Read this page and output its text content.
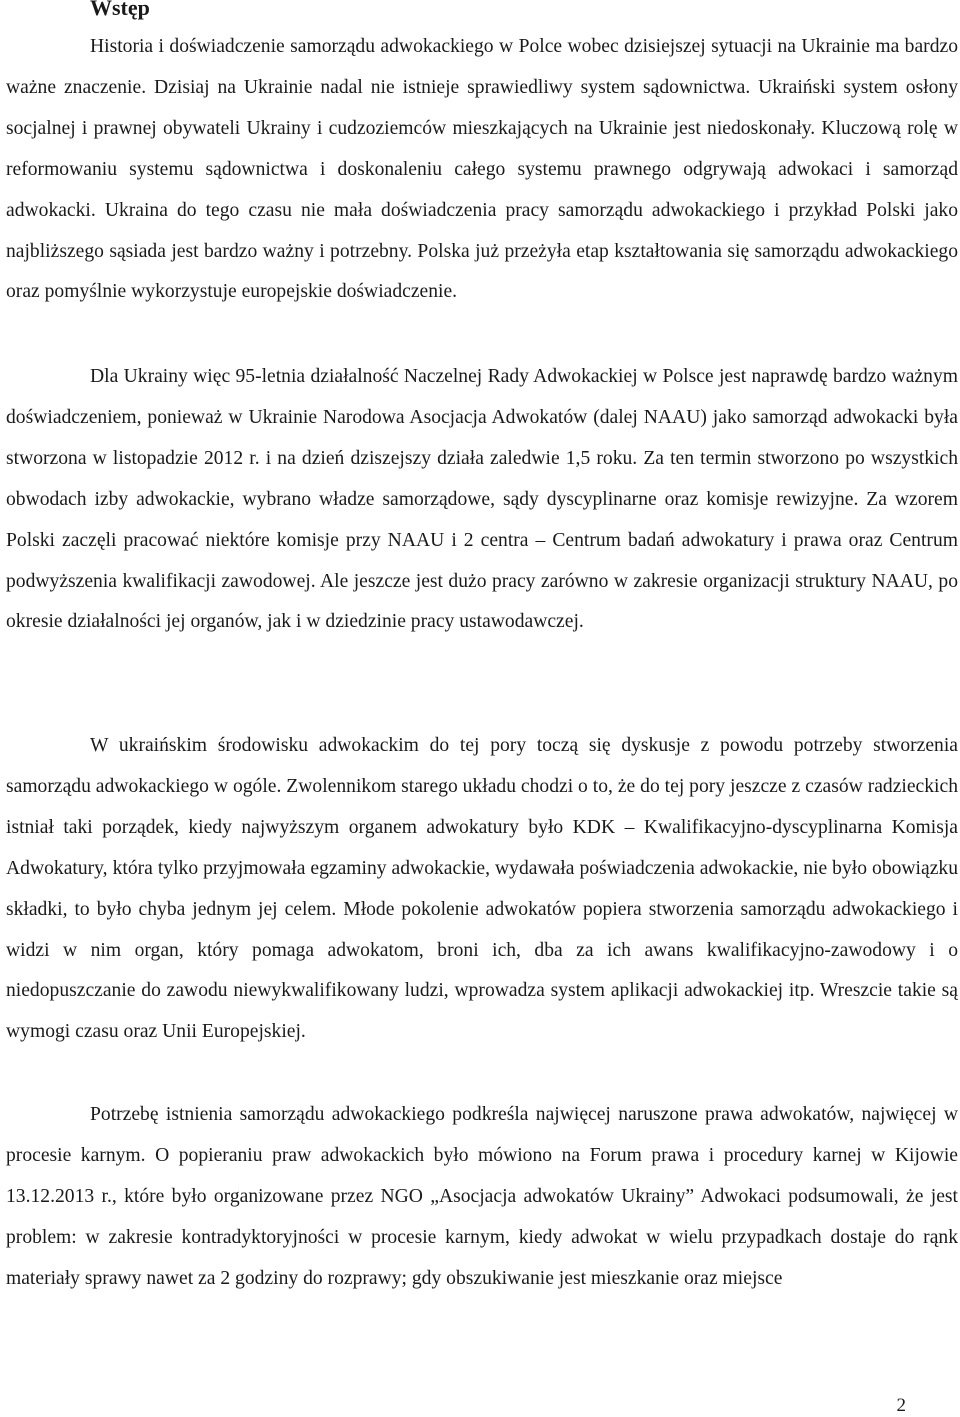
Wstęp

Historia i doświadczenie samorządu adwokackiego w Polce wobec dzisiejszej sytuacji na Ukrainie ma bardzo ważne znaczenie. Dzisiaj na Ukrainie nadal nie istnieje sprawiedliwy system sądownictwa. Ukraiński system osłony socjalnej i prawnej obywateli Ukrainy i cudzoziemców mieszkających na Ukrainie jest niedoskonały. Kluczową rolę w reformowaniu systemu sądownictwa i doskonaleniu całego systemu prawnego odgrywają adwokaci i samorząd adwokacki. Ukraina do tego czasu nie mała doświadczenia pracy samorządu adwokackiego i przykład Polski jako najbliższego sąsiada jest bardzo ważny i potrzebny. Polska już przeżyła etap kształtowania się samorządu adwokackiego oraz pomyślnie wykorzystuje europejskie doświadczenie.

Dla Ukrainy więc 95-letnia działalność Naczelnej Rady Adwokackiej w Polsce jest naprawdę bardzo ważnym doświadczeniem, ponieważ w Ukrainie Narodowa Asocjacja Adwokatów (dalej NAAU) jako samorząd adwokacki była stworzona w listopadzie 2012 r. i na dzień dziszejszy działa zaledwie 1,5 roku. Za ten termin stworzono po wszystkich obwodach izby adwokackie, wybrano władze samorządowe, sądy dyscyplinarne oraz komisje rewizyjne. Za wzorem Polski zaczęli pracować niektóre komisje przy NAAU i 2 centra – Centrum badań adwokatury i prawa oraz Centrum podwyższenia kwalifikacji zawodowej. Ale jeszcze jest dużo pracy zarówno w zakresie organizacji struktury NAAU, po okresie działalności jej organów, jak i w dziedzinie pracy ustawodawczej.

W ukraińskim środowisku adwokackim do tej pory toczą się dyskusje z powodu potrzeby stworzenia samorządu adwokackiego w ogóle. Zwolennikom starego układu chodzi o to, że do tej pory jeszcze z czasów radzieckich istniał taki porządek, kiedy najwyższym organem adwokatury było KDK – Kwalifikacyjno-dyscyplinarna Komisja Adwokatury, która tylko przyjmowała egzaminy adwokackie, wydawała poświadczenia adwokackie, nie było obowiązku składki, to było chyba jednym jej celem. Młode pokolenie adwokatów popiera stworzenia samorządu adwokackiego i widzi w nim organ, który pomaga adwokatom, broni ich, dba za ich awans kwalifikacyjno-zawodowy i o niedopuszczanie do zawodu niewykwalifikowany ludzi, wprowadza system aplikacji adwokackiej itp. Wreszcie takie są wymogi czasu oraz Unii Europejskiej.

Potrzebę istnienia samorządu adwokackiego podkreśla najwięcej naruszone prawa adwokatów, najwięcej w procesie karnym. O popieraniu praw adwokackich było mówiono na Forum prawa i procedury karnej w Kijowie 13.12.2013 r., które było organizowane przez NGO „Asocjacja adwokatów Ukrainy” Adwokaci podsumowali, że jest problem: w zakresie kontradyktoryjności w procesie karnym, kiedy adwokat w wielu przypadkach dostaje do rąnk materiały sprawy nawet za 2 godziny do rozprawy; gdy obszukiwanie jest mieszkanie oraz miejsce

2
